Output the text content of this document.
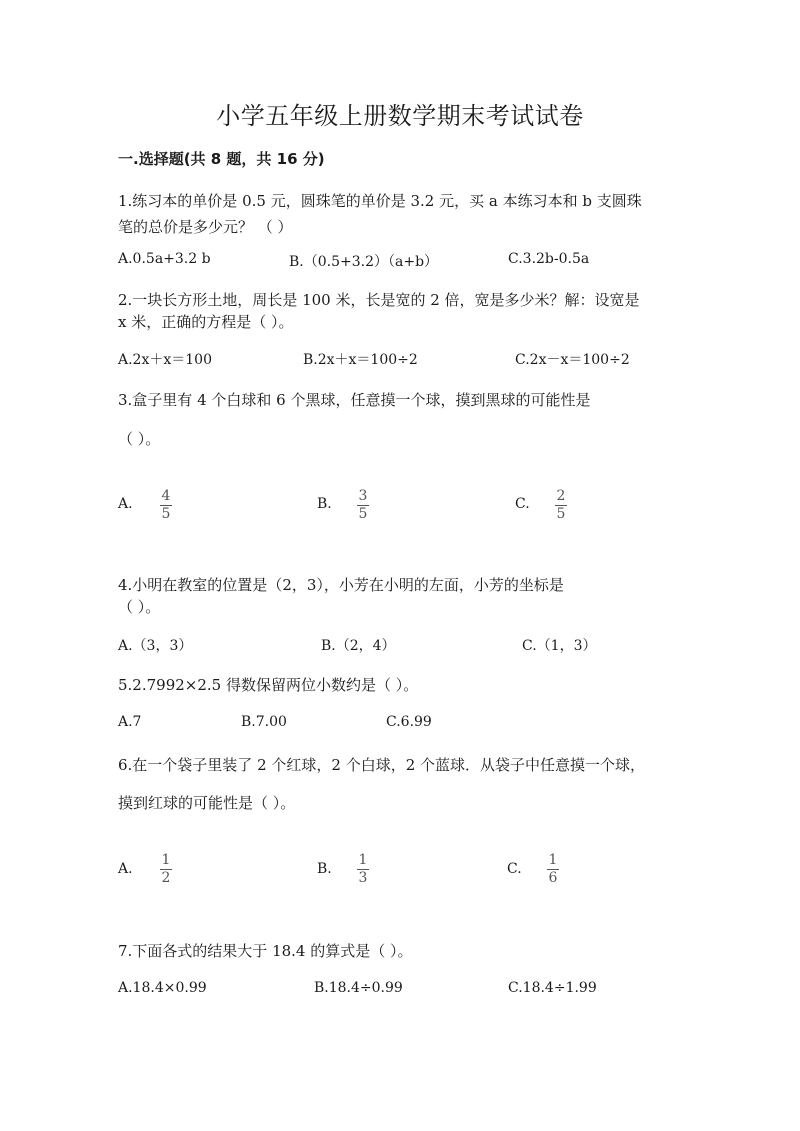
小学五年级上册数学期末考试试卷
一.选择题(共 8 题，共 16 分)
1.练习本的单价是 0.5 元，圆珠笔的单价是 3.2 元，买 a 本练习本和 b 支圆珠
笔的总价是多少元？ （ ）
A.0.5a+3.2 b	B.（0.5+3.2）（a+b）	C.3.2b-0.5a
2.一块长方形土地，周长是 100 米，长是宽的 2 倍，宽是多少米？解：设宽是
x 米，正确的方程是（ ）。
A.2x＋x＝100	B.2x＋x＝100÷2	C.2x－x＝100÷2
3.盒子里有 4 个白球和 6 个黑球，任意摸一个球，摸到黑球的可能性是
（ ）。
A. 4
5
B. 3
5
C. 2
5
4.小明在教室的位置是（2，3），小芳在小明的左面，小芳的坐标是
（ ）。
A.（3，3）	B.（2，4）	C.（1，3）
5.2.7992×2.5 得数保留两位小数约是（ ）。
A.7	B.7.00	C.6.99
6.在一个袋子里装了 2 个红球，2 个白球，2 个蓝球．从袋子中任意摸一个球，
摸到红球的可能性是（ ）。
A.
1
2
B.
1
3
C.
1
6
7.下面各式的结果大于 18.4 的算式是（ ）。
A.18.4×0.99	B.18.4÷0.99	C.18.4÷1.99
